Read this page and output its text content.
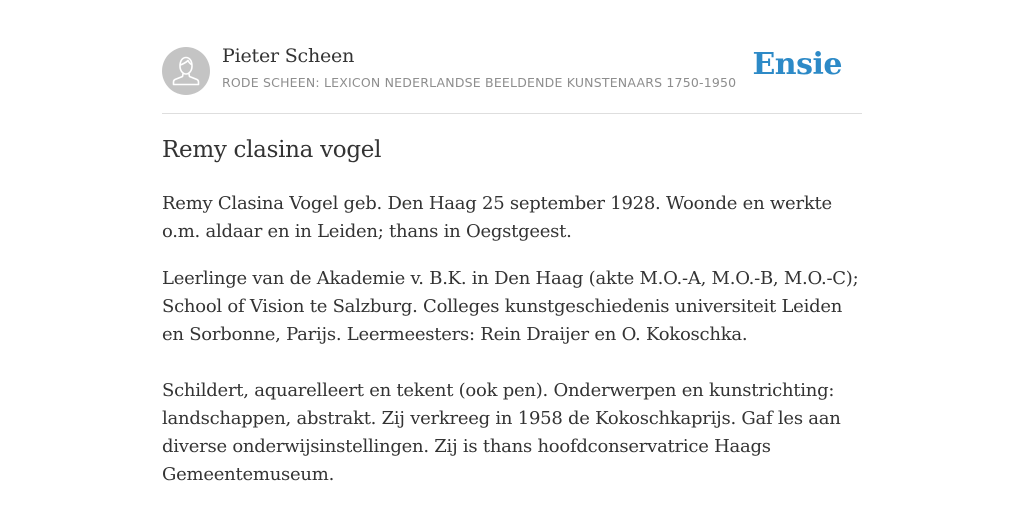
Pieter Scheen
RODE SCHEEN: LEXICON NEDERLANDSE BEELDENDE KUNSTENAARS 1750-1950
Ensie
Remy clasina vogel

Remy Clasina Vogel geb. Den Haag 25 september 1928. Woonde en werkte o.m. aldaar en in Leiden; thans in Oegstgeest.

Leerlinge van de Akademie v. B.K. in Den Haag (akte M.O.-A, M.O.-B, M.O.-C); School of Vision te Salzburg. Colleges kunstgeschiedenis universiteit Leiden en Sorbonne, Parijs. Leermeesters: Rein Draijer en O. Kokoschka.

Schildert, aquarelleert en tekent (ook pen). Onderwerpen en kunstrichting: landschappen, abstrakt. Zij verkreeg in 1958 de Kokoschkaprijs. Gaf les aan diverse onderwijsinstellingen. Zij is thans hoofdconservatrice Haags Gemeentemuseum.
